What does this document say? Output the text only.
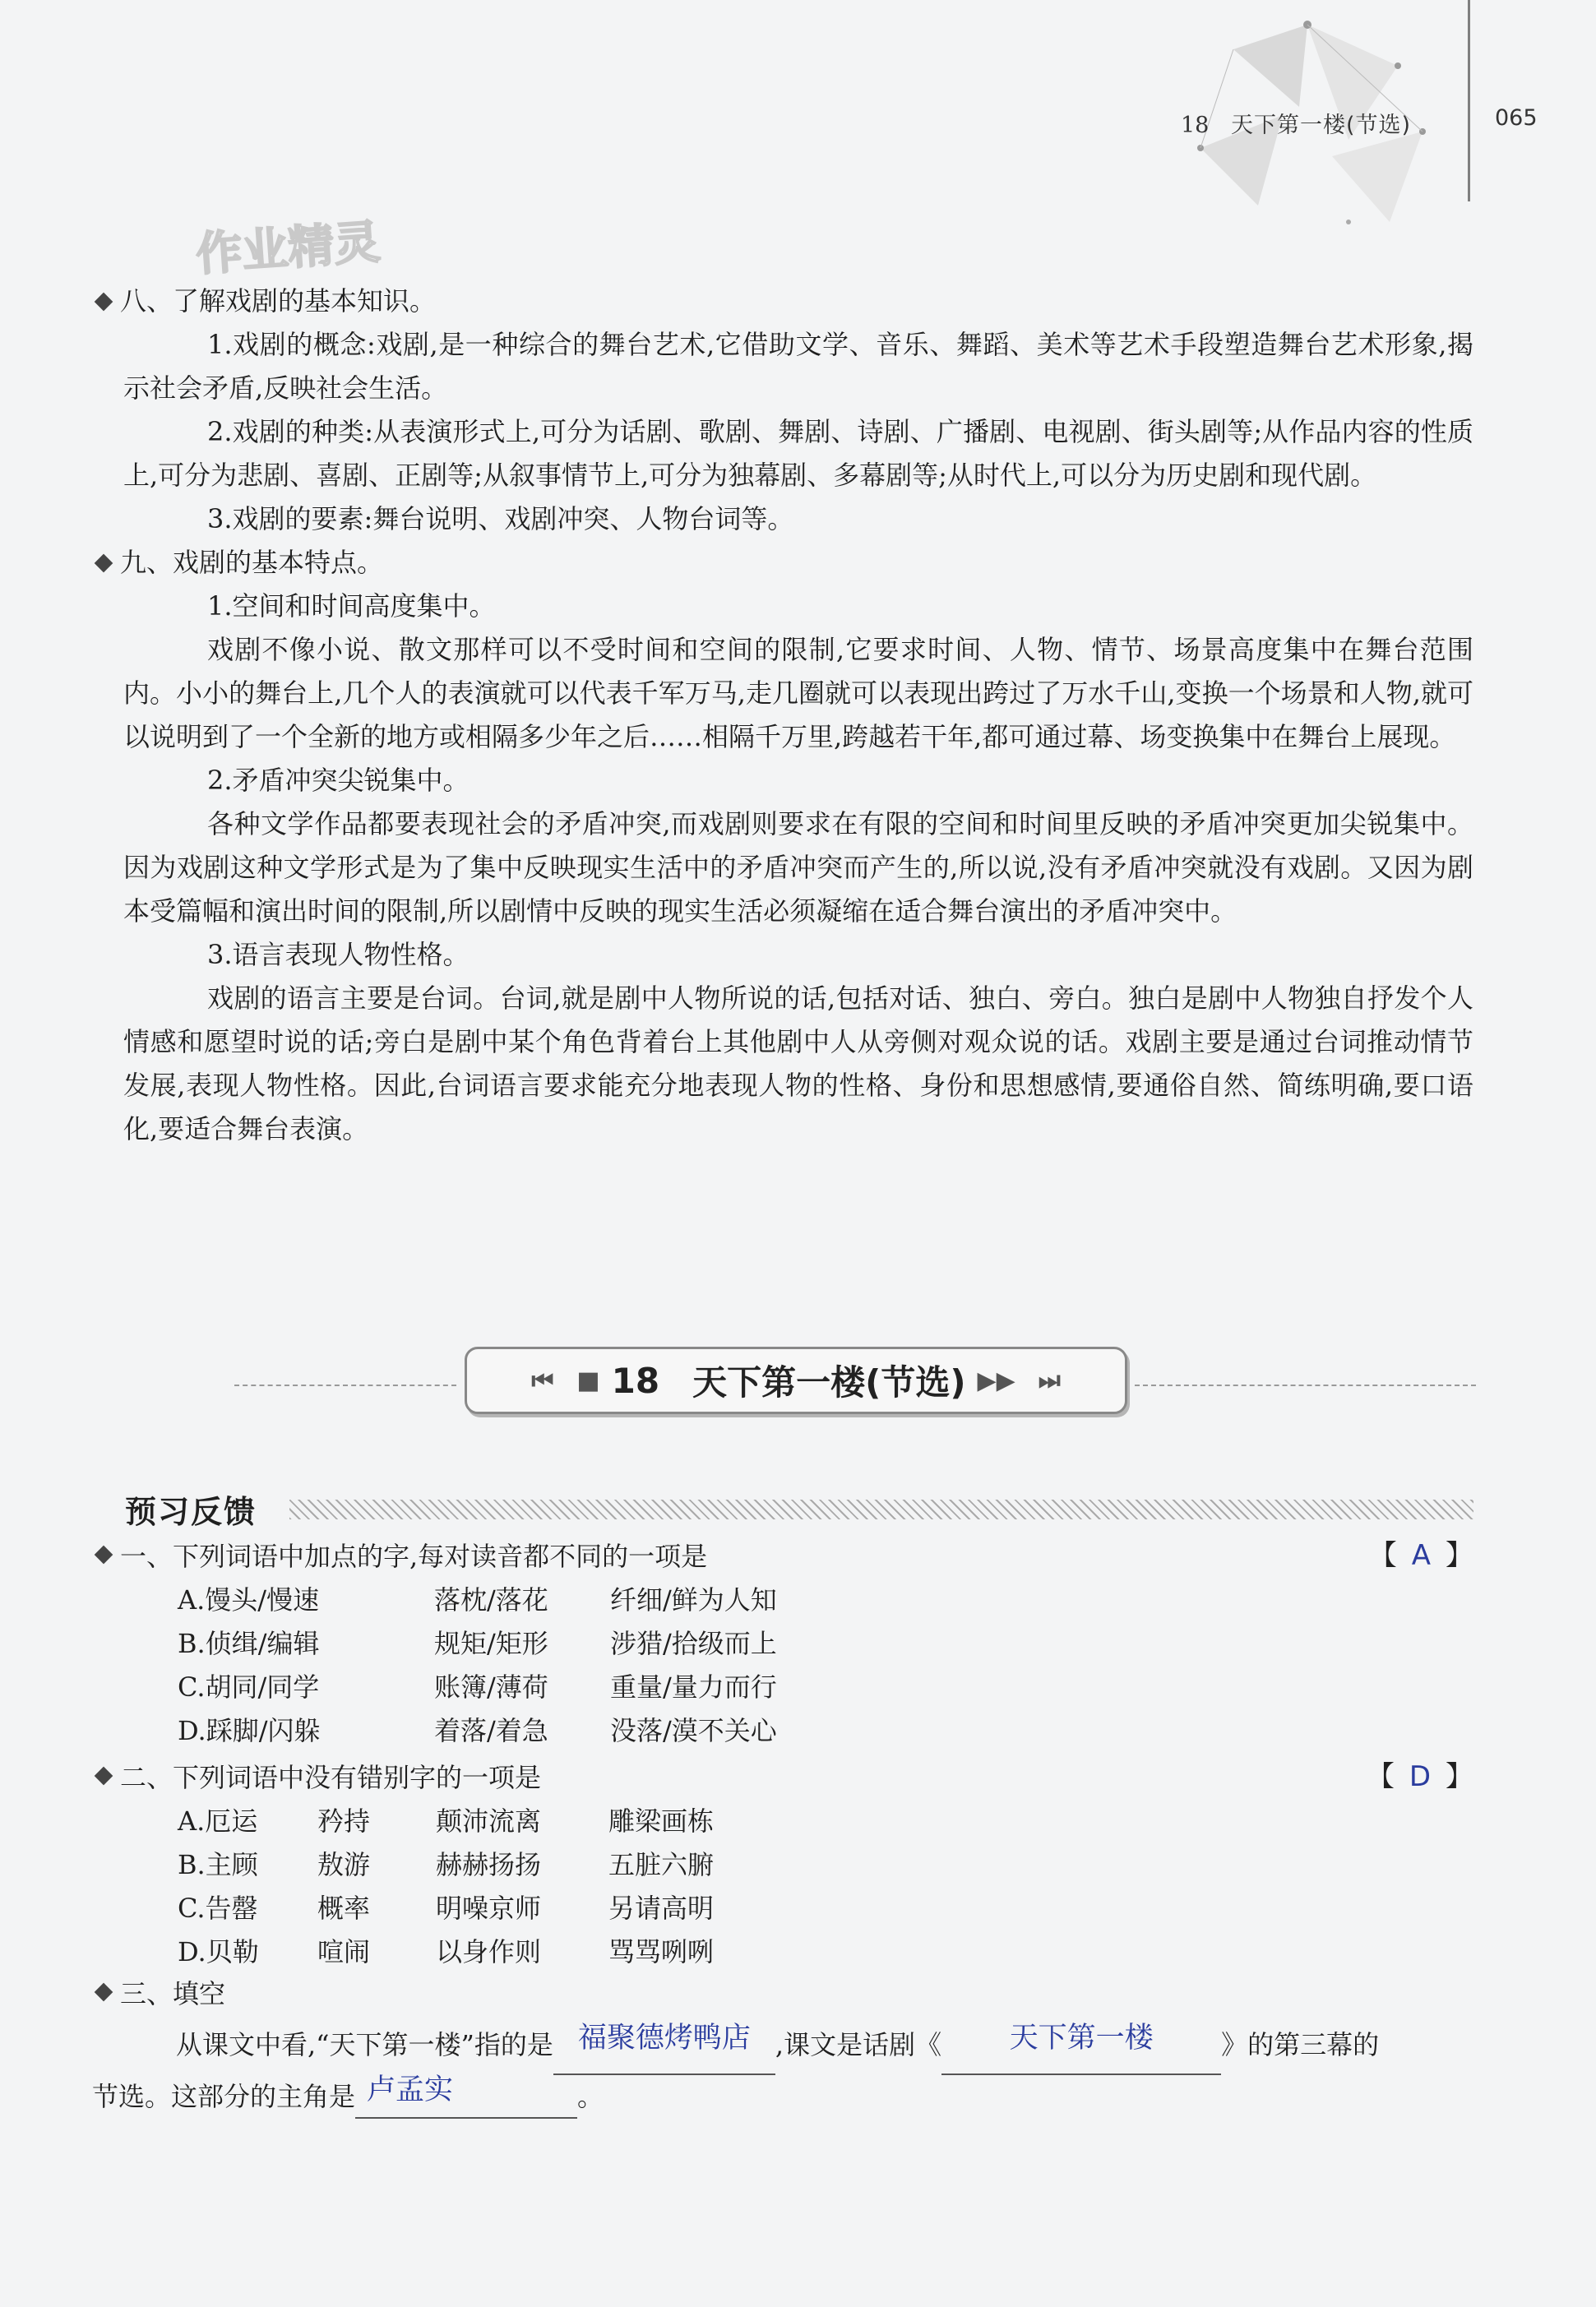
18 天下第一楼(节选)	065
作业精灵
八、了解戏剧的基本知识。

1.戏剧的概念:戏剧,是一种综合的舞台艺术,它借助文学、音乐、舞蹈、美术等艺术手段塑造舞台艺术形象,揭示社会矛盾,反映社会生活。

2.戏剧的种类:从表演形式上,可分为话剧、歌剧、舞剧、诗剧、广播剧、电视剧、街头剧等;从作品内容的性质上,可分为悲剧、喜剧、正剧等;从叙事情节上,可分为独幕剧、多幕剧等;从时代上,可以分为历史剧和现代剧。

3.戏剧的要素:舞台说明、戏剧冲突、人物台词等。

九、戏剧的基本特点。

1.空间和时间高度集中。

戏剧不像小说、散文那样可以不受时间和空间的限制,它要求时间、人物、情节、场景高度集中在舞台范围内。小小的舞台上,几个人的表演就可以代表千军万马,走几圈就可以表现出跨过了万水千山,变换一个场景和人物,就可以说明到了一个全新的地方或相隔多少年之后……相隔千万里,跨越若干年,都可通过幕、场变换集中在舞台上展现。

2.矛盾冲突尖锐集中。

各种文学作品都要表现社会的矛盾冲突,而戏剧则要求在有限的空间和时间里反映的矛盾冲突更加尖锐集中。因为戏剧这种文学形式是为了集中反映现实生活中的矛盾冲突而产生的,所以说,没有矛盾冲突就没有戏剧。又因为剧本受篇幅和演出时间的限制,所以剧情中反映的现实生活必须凝缩在适合舞台演出的矛盾冲突中。

3.语言表现人物性格。

戏剧的语言主要是台词。台词,就是剧中人物所说的话,包括对话、独白、旁白。独白是剧中人物独自抒发个人情感和愿望时说的话;旁白是剧中某个角色背着台上其他剧中人从旁侧对观众说的话。戏剧主要是通过台词推动情节发展,表现人物性格。因此,台词语言要求能充分地表现人物的性格、身份和思想感情,要通俗自然、简练明确,要口语化,要适合舞台表演。

⏮ ■ 18 天下第一楼(节选) ▶▶ ⏭
预习反馈
一、下列词语中加点的字,每对读音都不同的一项是	【 A 】
A.馒头/慢速	落枕/落花	纤细/鲜为人知
B.侦缉/编辑	规矩/矩形	涉猎/拾级而上
C.胡同/同学	账簿/薄荷	重量/量力而行
D.踩脚/闪躲	着落/着急	没落/漠不关心
二、下列词语中没有错别字的一项是	【 D 】
A.厄运	矜持	颠沛流离	雕梁画栋
B.主顾	敖游	赫赫扬扬	五脏六腑
C.告罄	概率	明噪京师	另请高明
D.贝勒	喧闹	以身作则	骂骂咧咧
三、填空
从课文中看,“天下第一楼”指的是 福聚德烤鸭店 ,课文是话剧《	天下第一楼	》的第三幕的
节选。这部分的主角是 卢孟实	。
